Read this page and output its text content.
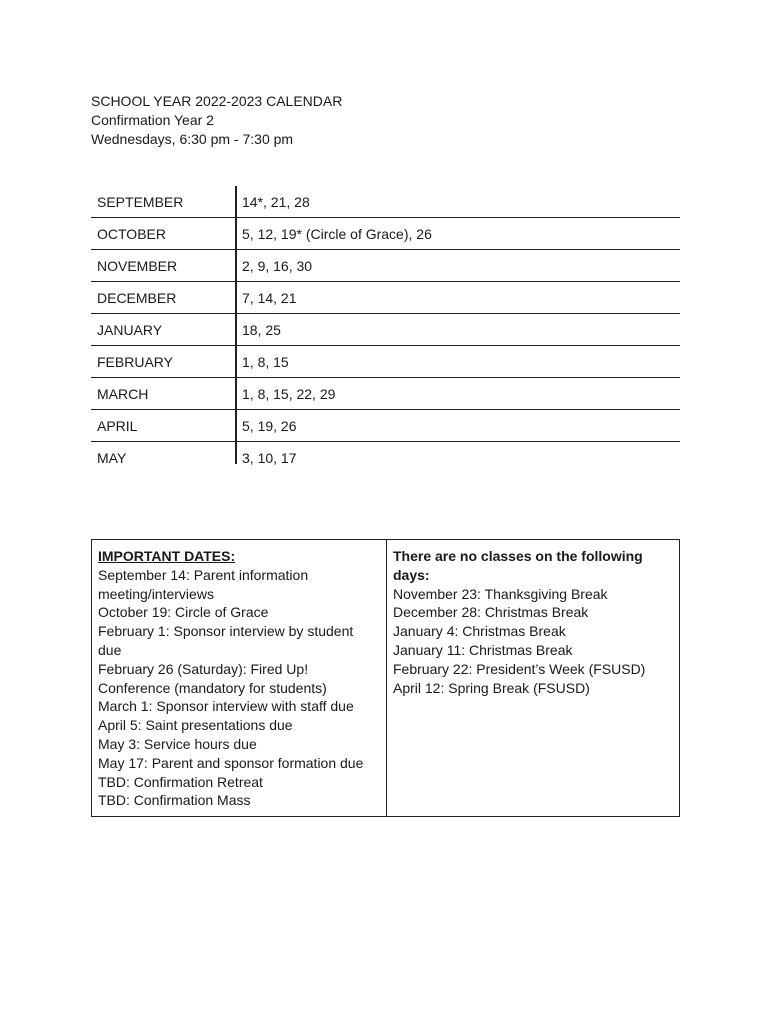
SCHOOL YEAR 2022-2023 CALENDAR
Confirmation Year 2
Wednesdays, 6:30 pm - 7:30 pm
SEPTEMBER	14*, 21, 28
OCTOBER	5, 12, 19* (Circle of Grace), 26
NOVEMBER	2, 9, 16, 30
DECEMBER	7, 14, 21
JANUARY	18, 25
FEBRUARY	1, 8, 15
MARCH	1, 8, 15, 22, 29
APRIL	5, 19, 26
MAY	3, 10, 17
IMPORTANT DATES:
September 14: Parent information meeting/interviews
October 19: Circle of Grace
February 1: Sponsor interview by student due
February 26 (Saturday): Fired Up! Conference (mandatory for students)
March 1: Sponsor interview with staff due
April 5: Saint presentations due
May 3: Service hours due
May 17: Parent and sponsor formation due
TBD: Confirmation Retreat
TBD: Confirmation Mass
There are no classes on the following days:
November 23: Thanksgiving Break
December 28: Christmas Break
January 4: Christmas Break
January 11: Christmas Break
February 22: President’s Week (FSUSD)
April 12: Spring Break (FSUSD)
